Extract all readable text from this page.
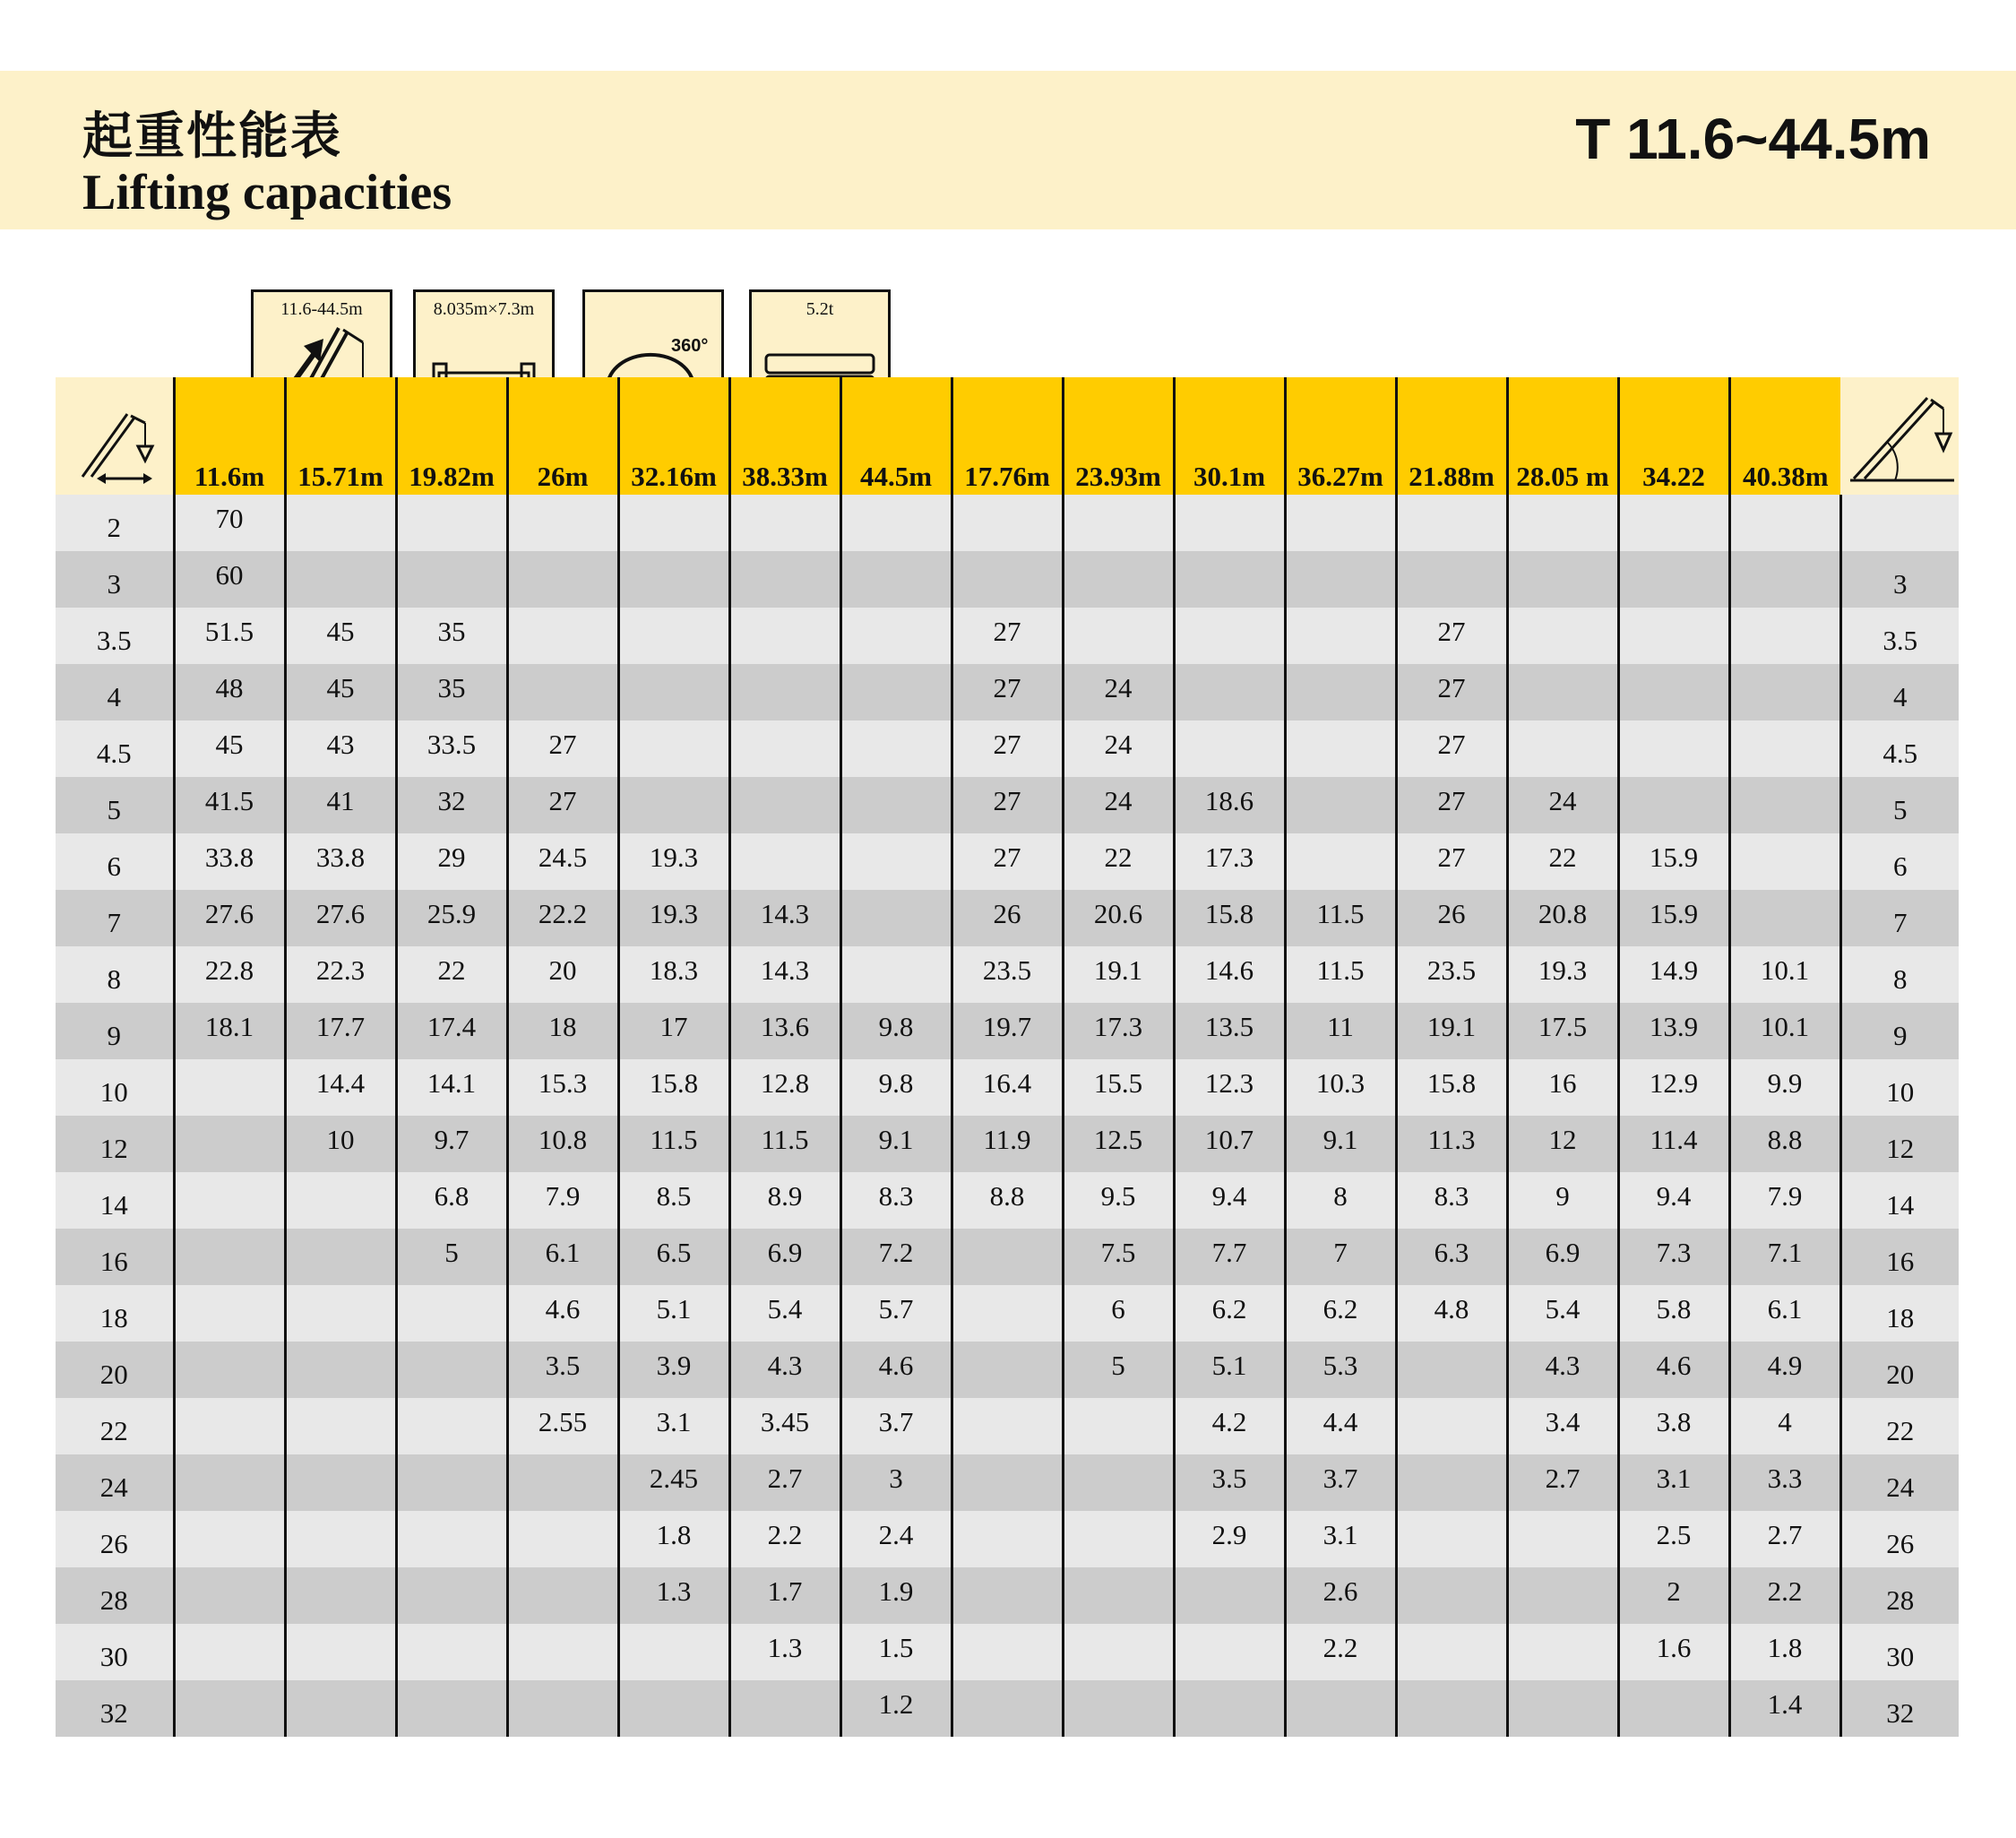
起重性能表
Lifting capacities
T 11.6~44.5m
11.6-44.5m	8.035m×7.3m
360°
5.2t
	11.6m	15.71m	19.82m	26m	32.16m	38.33m	44.5m	17.76m	23.93m	30.1m	36.27m	21.88m	28.05 m	34.22	40.38m	
2	70															
3	60															3
3.5	51.5	45	35					27				27				3.5
4	48	45	35					27	24			27				4
4.5	45	43	33.5	27				27	24			27				4.5
5	41.5	41	32	27				27	24	18.6		27	24			5
6	33.8	33.8	29	24.5	19.3			27	22	17.3		27	22	15.9		6
7	27.6	27.6	25.9	22.2	19.3	14.3		26	20.6	15.8	11.5	26	20.8	15.9		7
8	22.8	22.3	22	20	18.3	14.3		23.5	19.1	14.6	11.5	23.5	19.3	14.9	10.1	8
9	18.1	17.7	17.4	18	17	13.6	9.8	19.7	17.3	13.5	11	19.1	17.5	13.9	10.1	9
10		14.4	14.1	15.3	15.8	12.8	9.8	16.4	15.5	12.3	10.3	15.8	16	12.9	9.9	10
12		10	9.7	10.8	11.5	11.5	9.1	11.9	12.5	10.7	9.1	11.3	12	11.4	8.8	12
14			6.8	7.9	8.5	8.9	8.3	8.8	9.5	9.4	8	8.3	9	9.4	7.9	14
16			5	6.1	6.5	6.9	7.2		7.5	7.7	7	6.3	6.9	7.3	7.1	16
18				4.6	5.1	5.4	5.7		6	6.2	6.2	4.8	5.4	5.8	6.1	18
20				3.5	3.9	4.3	4.6		5	5.1	5.3		4.3	4.6	4.9	20
22				2.55	3.1	3.45	3.7			4.2	4.4		3.4	3.8	4	22
24					2.45	2.7	3			3.5	3.7		2.7	3.1	3.3	24
26					1.8	2.2	2.4			2.9	3.1			2.5	2.7	26
28					1.3	1.7	1.9				2.6			2	2.2	28
30						1.3	1.5				2.2			1.6	1.8	30
32							1.2								1.4	32
